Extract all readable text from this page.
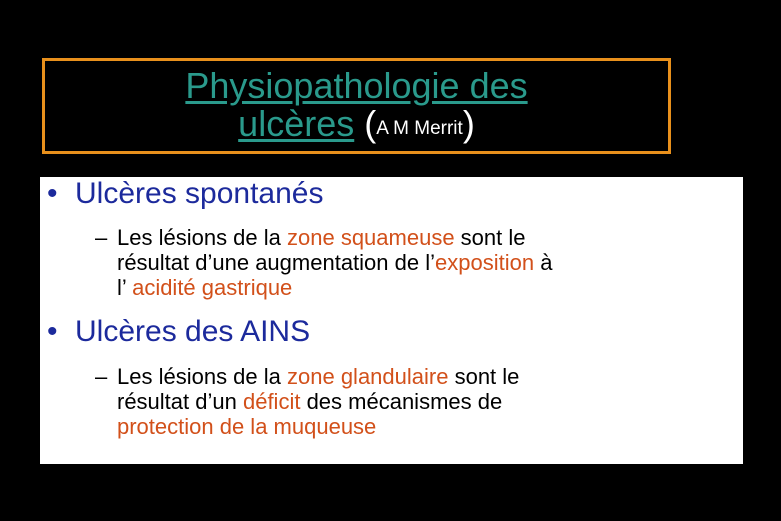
Physiopathologie des
ulcères (A M Merrit)
• Ulcères spontanés
– Les lésions de la zone squameuse sont le
résultat d’une augmentation de l’exposition à
l’ acidité gastrique
• Ulcères des AINS
– Les lésions de la zone glandulaire sont le
résultat d’un déficit des mécanismes de
protection de la muqueuse
